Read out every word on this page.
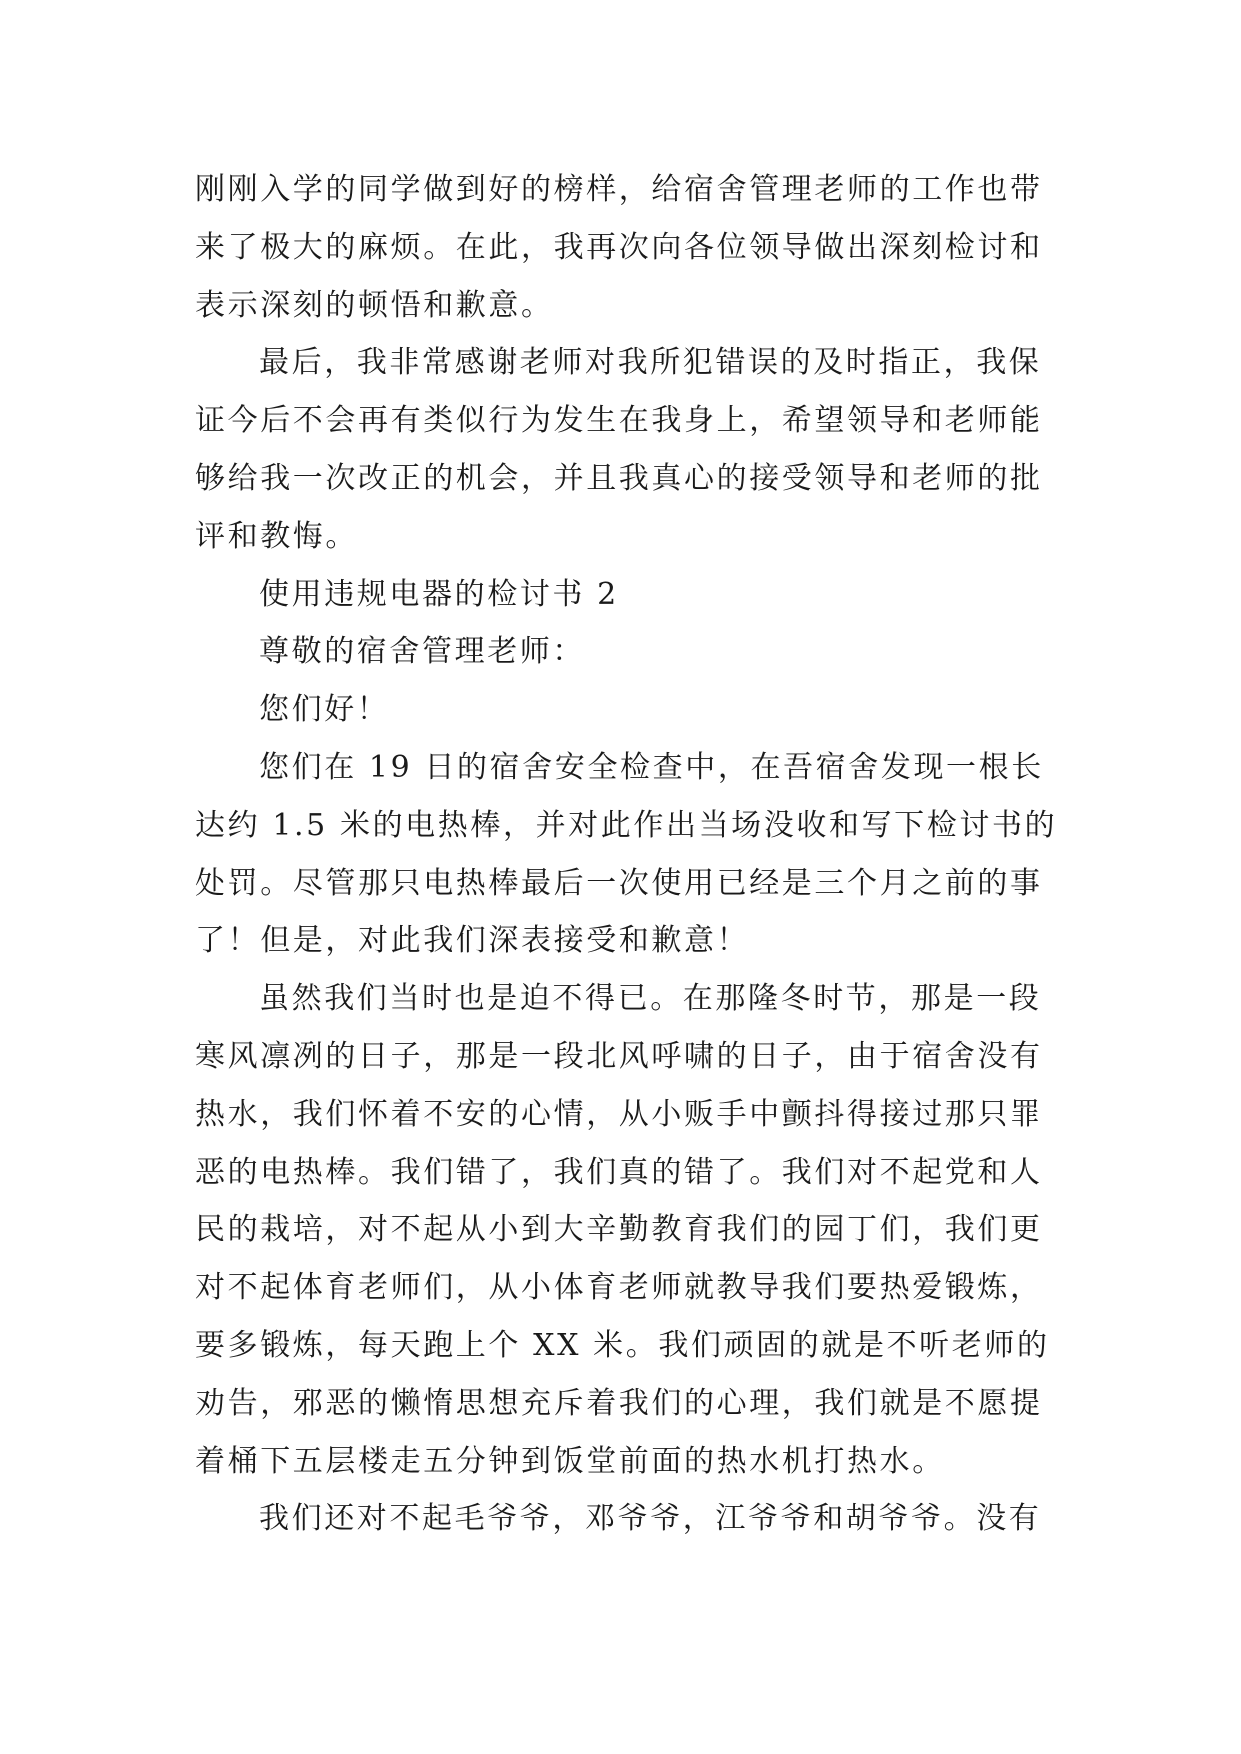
刚刚入学的同学做到好的榜样，给宿舍管理老师的工作也带
来了极大的麻烦。在此，我再次向各位领导做出深刻检讨和
表示深刻的顿悟和歉意。
最后，我非常感谢老师对我所犯错误的及时指正，我保
证今后不会再有类似行为发生在我身上，希望领导和老师能
够给我一次改正的机会，并且我真心的接受领导和老师的批
评和教悔。
使用违规电器的检讨书 2
尊敬的宿舍管理老师：
您们好！
您们在 19 日的宿舍安全检查中，在吾宿舍发现一根长
达约 1.5 米的电热棒，并对此作出当场没收和写下检讨书的
处罚。尽管那只电热棒最后一次使用已经是三个月之前的事
了！但是，对此我们深表接受和歉意！
虽然我们当时也是迫不得已。在那隆冬时节，那是一段
寒风凛冽的日子，那是一段北风呼啸的日子，由于宿舍没有
热水，我们怀着不安的心情，从小贩手中颤抖得接过那只罪
恶的电热棒。我们错了，我们真的错了。我们对不起党和人
民的栽培，对不起从小到大辛勤教育我们的园丁们，我们更
对不起体育老师们，从小体育老师就教导我们要热爱锻炼，
要多锻炼，每天跑上个 XX 米。我们顽固的就是不听老师的
劝告，邪恶的懒惰思想充斥着我们的心理，我们就是不愿提
着桶下五层楼走五分钟到饭堂前面的热水机打热水。
我们还对不起毛爷爷，邓爷爷，江爷爷和胡爷爷。没有
